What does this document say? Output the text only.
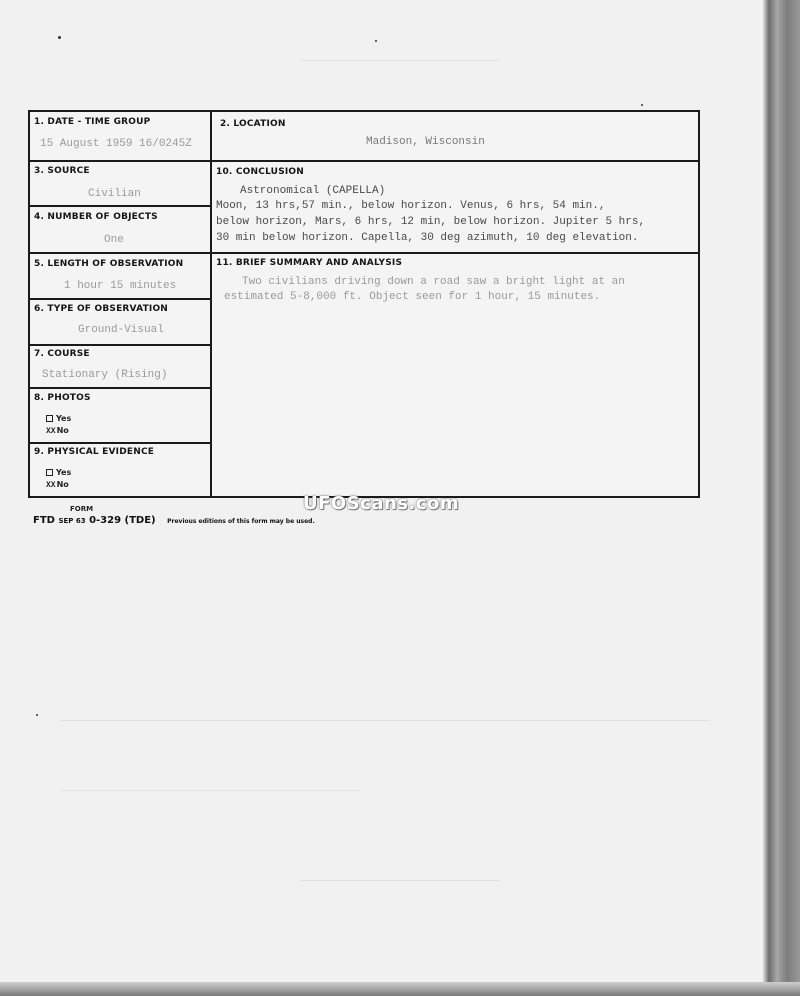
1. DATE - TIME GROUP
15 August 1959 16/0245Z
2. LOCATION
Madison, Wisconsin
3. SOURCE
Civilian
10. CONCLUSION
Astronomical (CAPELLA)
Moon, 13 hrs,57 min., below horizon. Venus, 6 hrs, 54 min.,
below horizon, Mars, 6 hrs, 12 min, below horizon. Jupiter 5 hrs,
30 min below horizon. Capella, 30 deg azimuth, 10 deg elevation.
4. NUMBER OF OBJECTS
One
5. LENGTH OF OBSERVATION
1 hour 15 minutes
11. BRIEF SUMMARY AND ANALYSIS
Two civilians driving down a road saw a bright light at an
estimated 5-8,000 ft. Object seen for 1 hour, 15 minutes.
6. TYPE OF OBSERVATION
Ground-Visual
7. COURSE
Stationary (Rising)
8. PHOTOS
Yes
XXNo
9. PHYSICAL EVIDENCE
Yes
XXNo
FORM
FTD SEP 63 0-329 (TDE) Previous editions of this form may be used.
UFOScans.com
